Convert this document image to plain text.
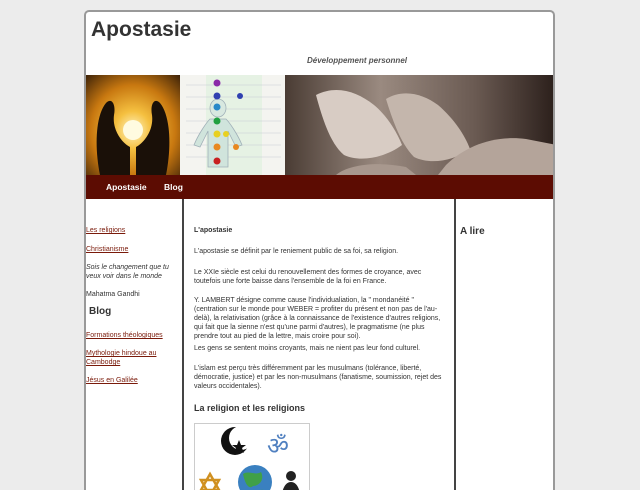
Apostasie
Développement personnel
Apostasie Blog
Les religions
Christianisme
Sois le changement que tu veux voir dans le monde
Mahatma Gandhi
Blog
Formations théologiques
Mythologie hindoue au Cambodge
Jésus en Galilée

L'apostasie

L'apostasie se définit par le reniement public de sa foi, sa religion.

Le XXIe siècle est celui du renouvellement des formes de croyance, avec toutefois une forte baisse dans l'ensemble de la foi en France.

Y. LAMBERT désigne comme cause l'individualiation, la " mondanéité " (centration sur le monde pour WEBER = profiter du présent et non pas de l'au-delà), la relativisation (grâce à la connaissance de l'existence d'autres religions, qui fait que la sienne n'est qu'une parmi d'autres), le pragmatisme (ne plus prendre tout au pied de la lettre, mais croire pour soi).

Les gens se sentent moins croyants, mais ne nient pas leur fond culturel.

L'islam est perçu très différemment par les musulmans (tolérance, liberté, démocratie, justice) et par les non-musulmans (fanatisme, soumission, rejet des valeurs occidentales).

La religion et les religions

ॐ
A lire
